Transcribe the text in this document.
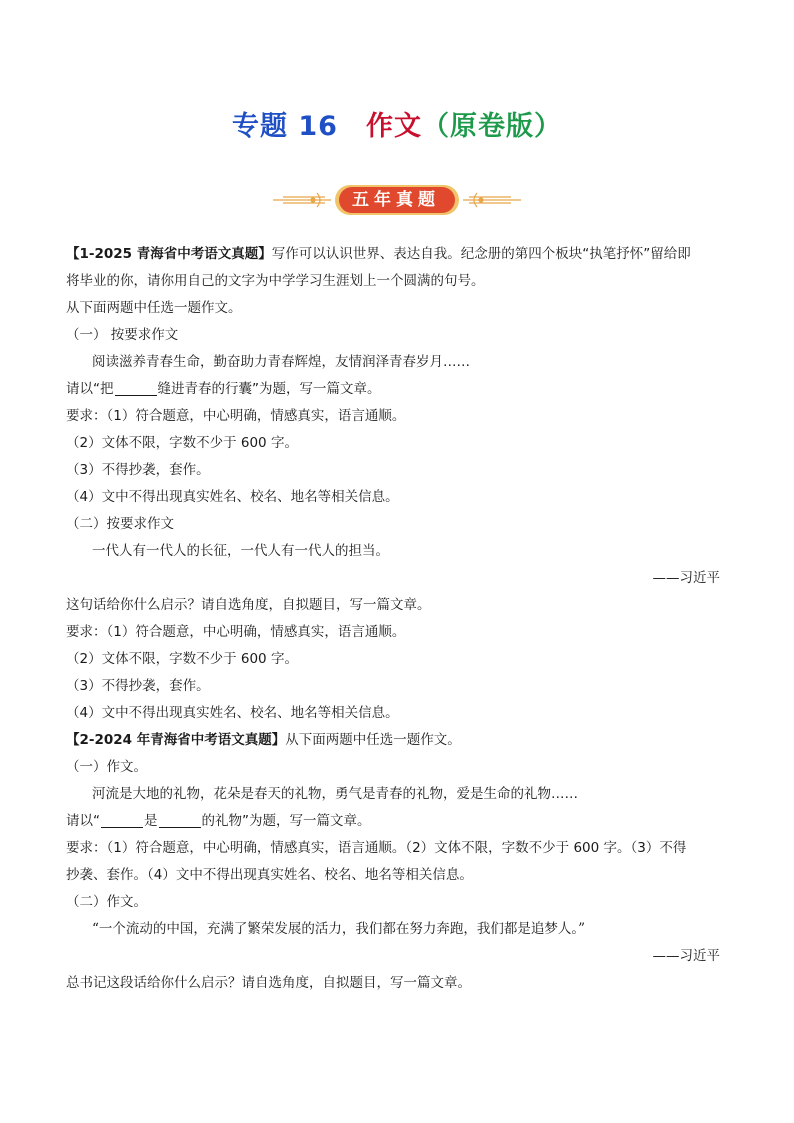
专题 16　 作文（原卷版）
五年真题
【1-2025 青海省中考语文真题】写作可以认识世界、表达自我。纪念册的第四个板块“执笔抒怀”留给即
将毕业的你，请你用自己的文字为中学学习生涯划上一个圆满的句号。
从下面两题中任选一题作文。
（一） 按要求作文
阅读滋养青春生命，勤奋助力青春辉煌，友情润泽青春岁月……
请以“把	缝进青春的行囊”为题，写一篇文章。
要求：（1）符合题意，中心明确，情感真实，语言通顺。
（2）文体不限，字数不少于 600 字。
（3）不得抄袭，套作。
（4）文中不得出现真实姓名、校名、地名等相关信息。
（二）按要求作文
一代人有一代人的长征，一代人有一代人的担当。
——习近平
这句话给你什么启示？请自选角度，自拟题目，写一篇文章。
要求：（1）符合题意，中心明确，情感真实，语言通顺。
（2）文体不限，字数不少于 600 字。
（3）不得抄袭，套作。
（4）文中不得出现真实姓名、校名、地名等相关信息。
【2-2024 年青海省中考语文真题】从下面两题中任选一题作文。
（一）作文。
河流是大地的礼物，花朵是春天的礼物，勇气是青春的礼物，爱是生命的礼物……
请以“	是	的礼物”为题，写一篇文章。
要求：（1）符合题意，中心明确，情感真实，语言通顺。（2）文体不限，字数不少于 600 字。（3）不得
抄袭、套作。（4）文中不得出现真实姓名、校名、地名等相关信息。
（二）作文。
“一个流动的中国，充满了繁荣发展的活力，我们都在努力奔跑，我们都是追梦人。”
——习近平
总书记这段话给你什么启示？请自选角度，自拟题目，写一篇文章。
